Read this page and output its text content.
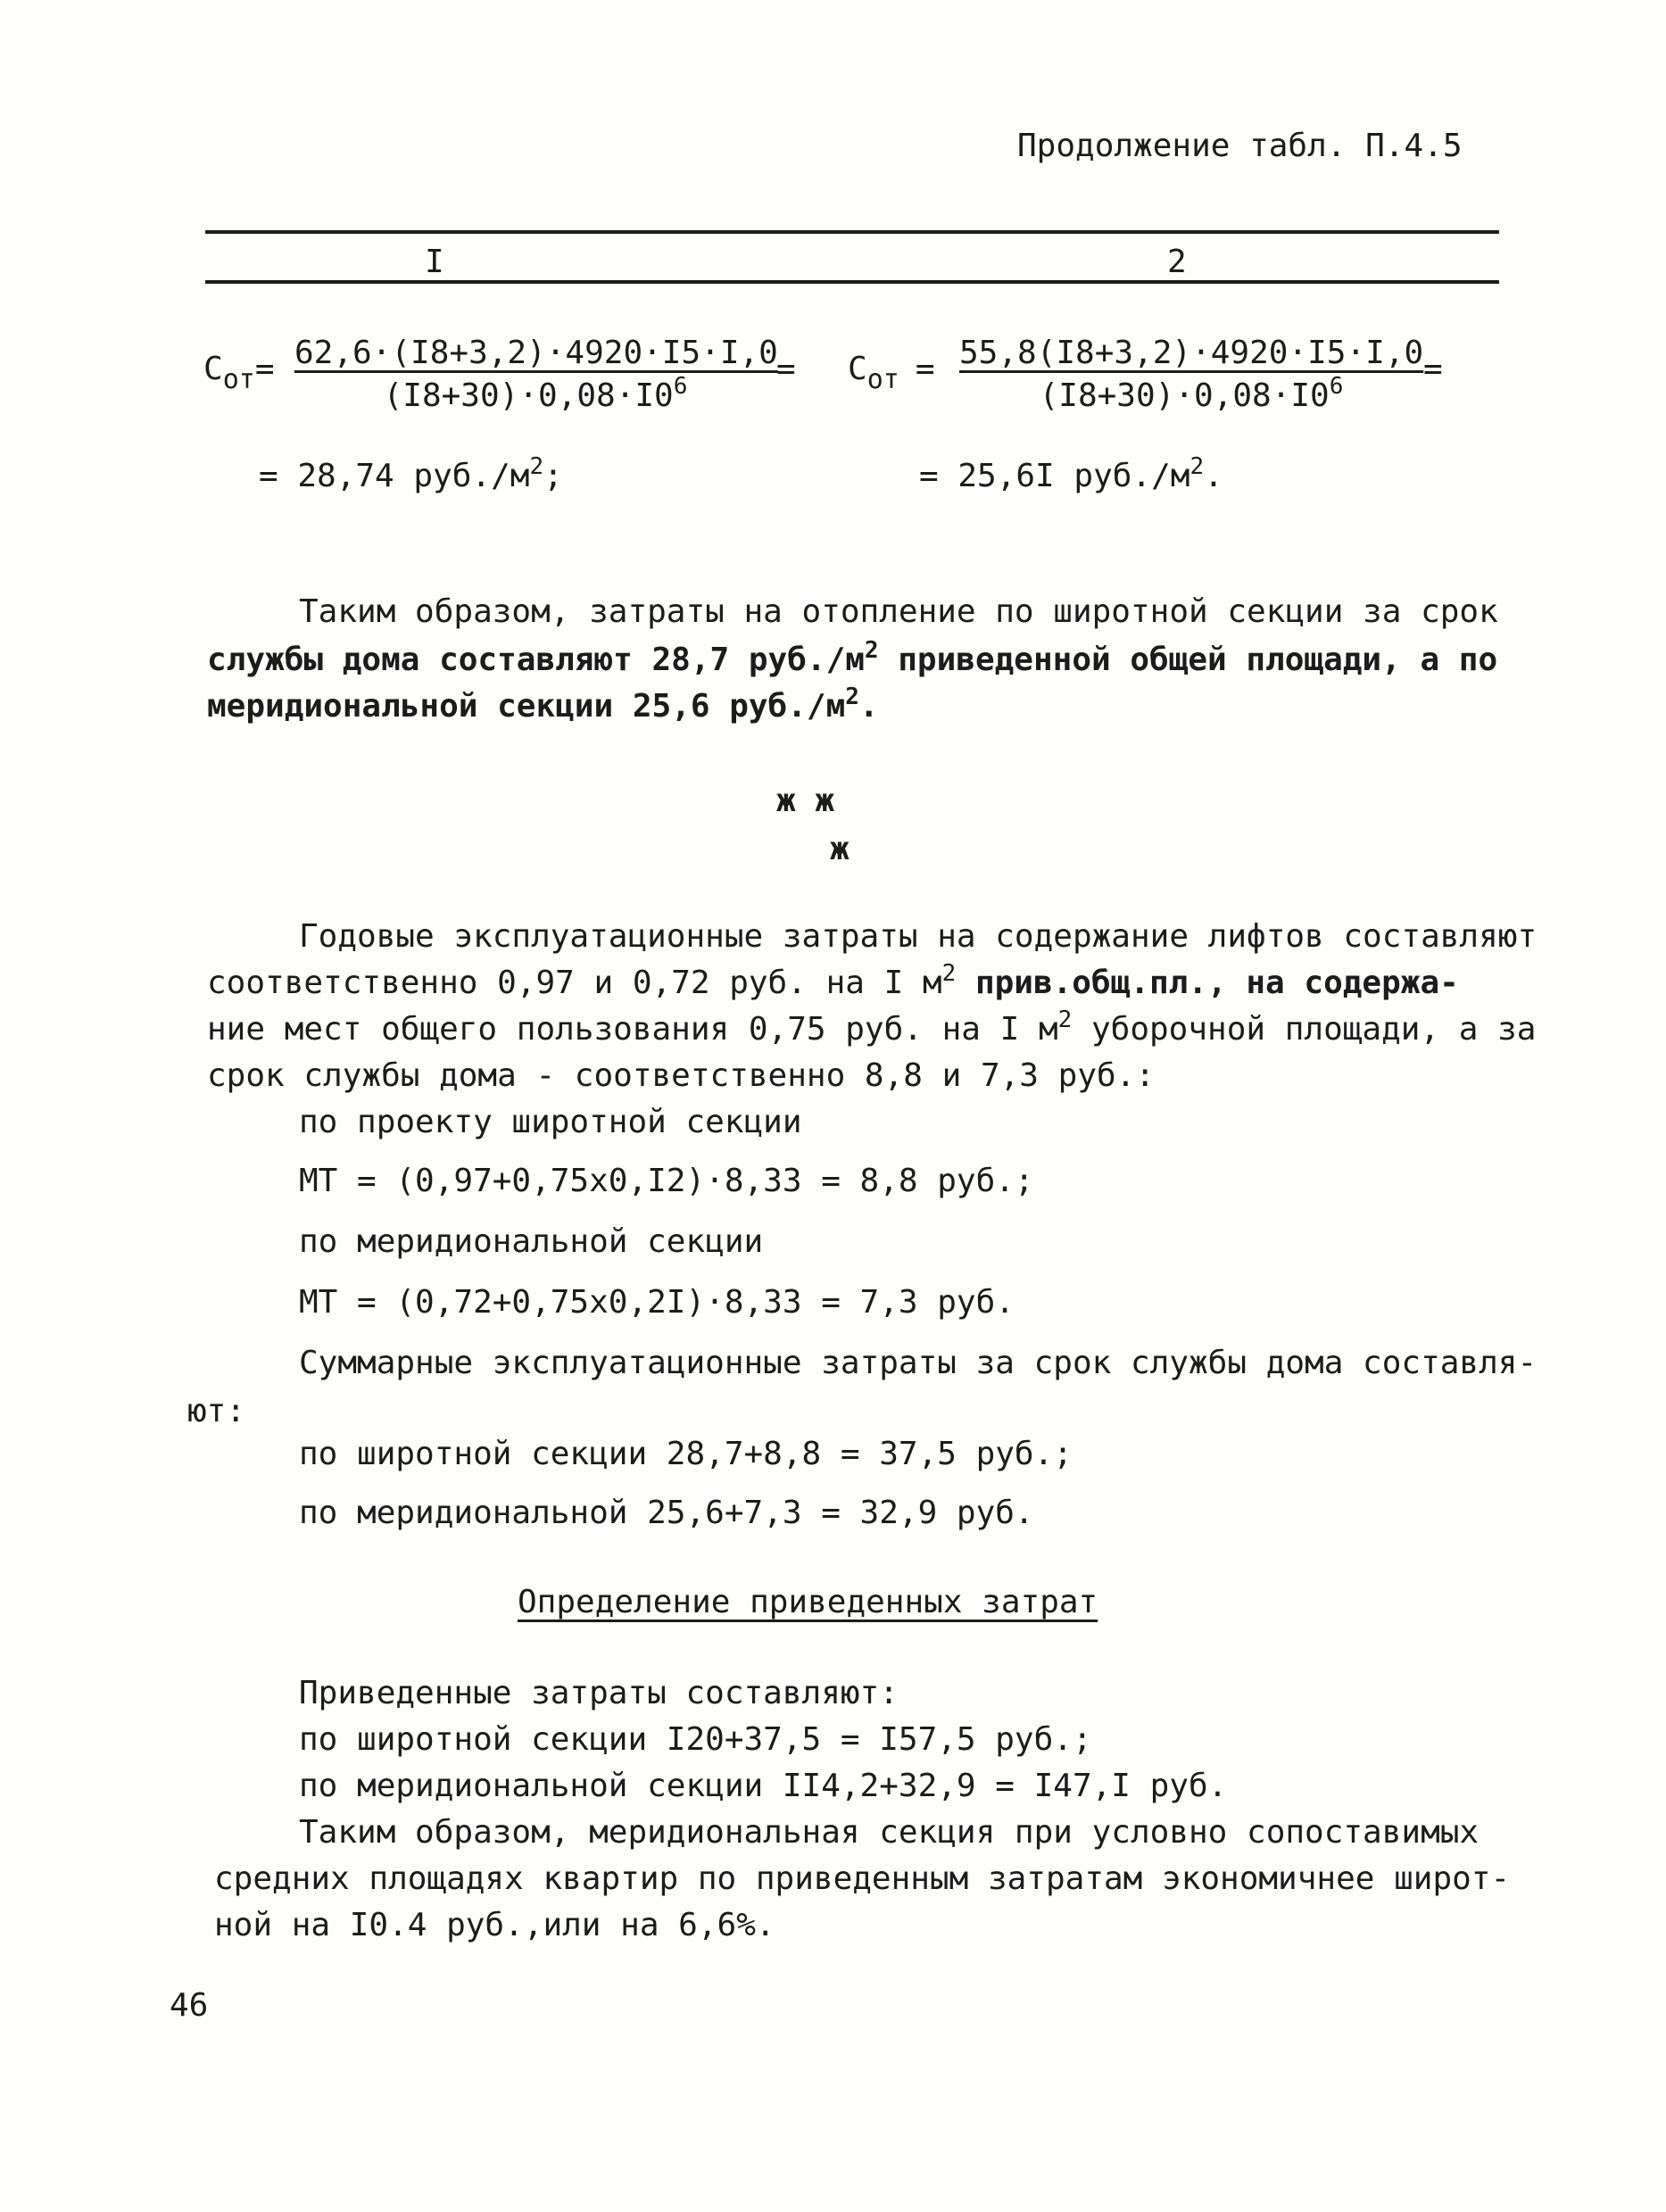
Продолжение табл. П.4.5
I	2
$С_{от}= \frac{62,6\cdot(I8+3,2)\cdot 4920\cdot I5\cdot I,0}{(I8+30)\cdot 0,08\cdot I0^6}$ =
= 28,74 $руб./м^2$;
$С_{от} = \frac{55,8(I8+3,2)\cdot 4920\cdot I5\cdot I,0}{(I8+30)\cdot 0,08\cdot I0^6}$ =
= 25,6I $руб./м^2$.
Таким образом, затраты на отопление по широтной секции за срок
службы дома составляют 28,7 $руб./м^2$ приведенной общей площади, а по
меридиональной секции 25,6 $руб./м^2$.
ж ж
ж
Годовые эксплуатационные затраты на содержание лифтов составляют
соответственно 0,97 и 0,72 руб. на I $м^2$ прив.общ.пл., на содержа-
ние мест общего пользования 0,75 руб. на I $м^2$ уборочной площади, а за
срок службы дома - соответственно 8,8 и 7,3 руб.:
по проекту широтной секции
МТ = (0,97+0,75х0,I2)·8,33 = 8,8 руб.;
по меридиональной секции
МТ = (0,72+0,75х0,2I)·8,33 = 7,3 руб.
Суммарные эксплуатационные затраты за срок службы дома составля-
ют:
по широтной секции 28,7+8,8 = 37,5 руб.;
по меридиональной 25,6+7,3 = 32,9 руб.
Определение приведенных затрат
Приведенные затраты составляют:
по широтной секции I20+37,5 = I57,5 руб.;
по меридиональной секции II4,2+32,9 = I47,I руб.
Таким образом, меридиональная секция при условно сопоставимых
средних площадях квартир по приведенным затратам экономичнее широт-
ной на I0.4 руб.,или на 6,6%.
46
